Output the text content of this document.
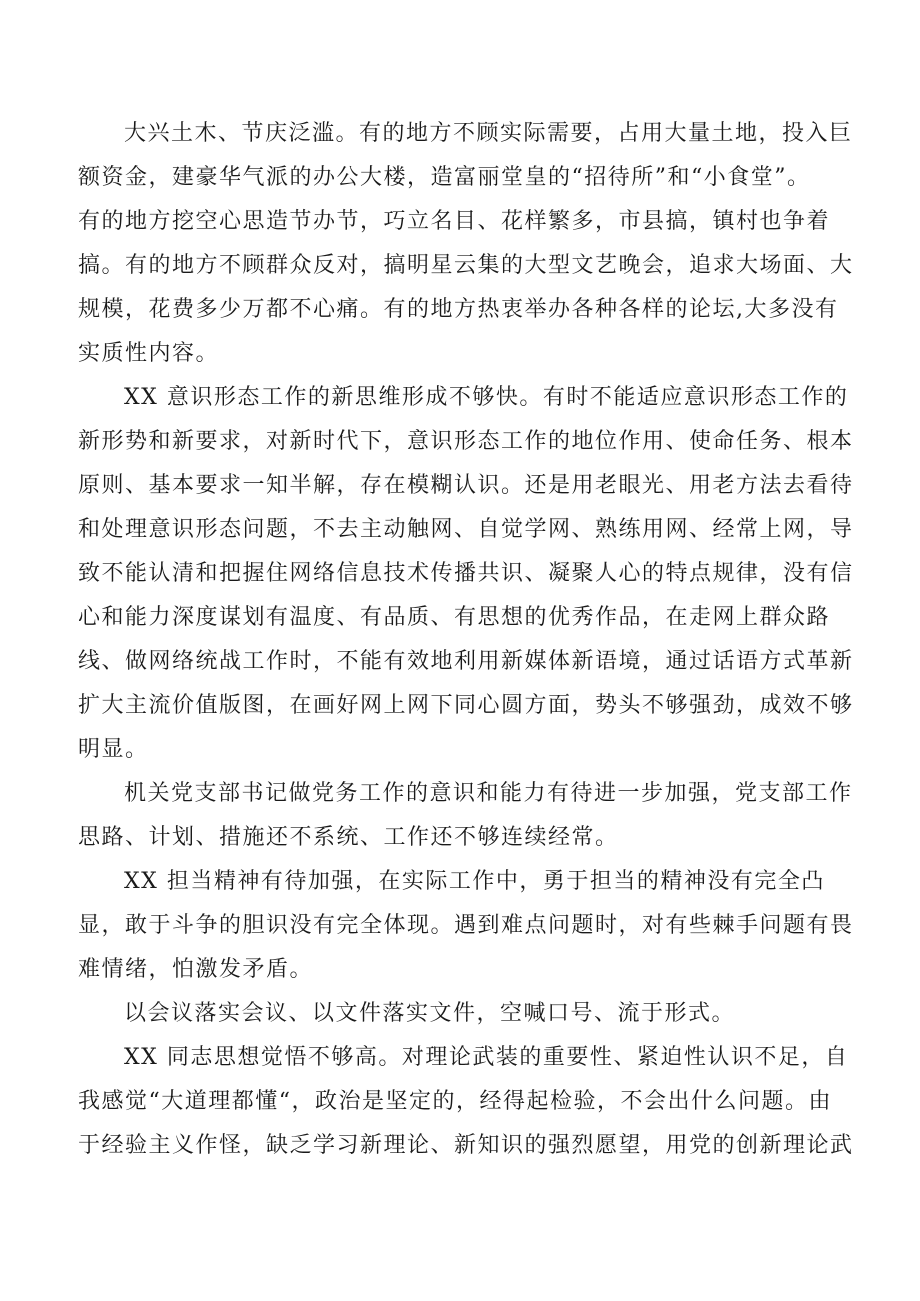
大兴土木、节庆泛滥。有的地方不顾实际需要，占用大量土地，投入巨
额资金，建豪华气派的办公大楼，造富丽堂皇的“招待所”和“小食堂”。
有的地方挖空心思造节办节，巧立名目、花样繁多，市县搞，镇村也争着
搞。有的地方不顾群众反对，搞明星云集的大型文艺晚会，追求大场面、大
规模，花费多少万都不心痛。有的地方热衷举办各种各样的论坛,大多没有
实质性内容。
XX 意识形态工作的新思维形成不够快。有时不能适应意识形态工作的
新形势和新要求，对新时代下，意识形态工作的地位作用、使命任务、根本
原则、基本要求一知半解，存在模糊认识。还是用老眼光、用老方法去看待
和处理意识形态问题，不去主动触网、自觉学网、熟练用网、经常上网，导
致不能认清和把握住网络信息技术传播共识、凝聚人心的特点规律，没有信
心和能力深度谋划有温度、有品质、有思想的优秀作品，在走网上群众路
线、做网络统战工作时，不能有效地利用新媒体新语境，通过话语方式革新
扩大主流价值版图，在画好网上网下同心圆方面，势头不够强劲，成效不够
明显。
机关党支部书记做党务工作的意识和能力有待进一步加强，党支部工作
思路、计划、措施还不系统、工作还不够连续经常。
XX 担当精神有待加强，在实际工作中，勇于担当的精神没有完全凸
显，敢于斗争的胆识没有完全体现。遇到难点问题时，对有些棘手问题有畏
难情绪，怕激发矛盾。
以会议落实会议、以文件落实文件，空喊口号、流于形式。
XX 同志思想觉悟不够高。对理论武装的重要性、紧迫性认识不足，自
我感觉“大道理都懂“，政治是坚定的，经得起检验，不会出什么问题。由
于经验主义作怪，缺乏学习新理论、新知识的强烈愿望，用党的创新理论武
